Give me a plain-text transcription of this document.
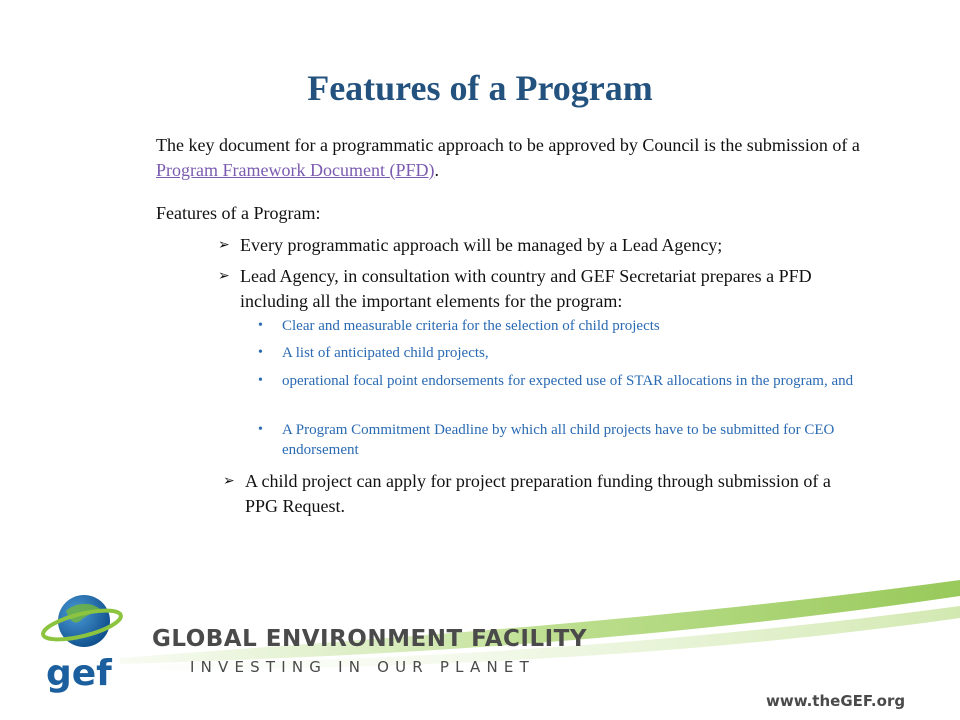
Features of a Program
The key document for a programmatic approach to be approved by Council is the submission of a Program Framework Document (PFD).
Features of a Program:
➢ Every programmatic approach will be managed by a Lead Agency;
➢ Lead Agency, in consultation with country and GEF Secretariat prepares a PFD including all the important elements for the program:
• Clear and measurable criteria for the selection of child projects
• A list of anticipated child projects,
• operational focal point endorsements for expected use of STAR allocations in the program, and
• A Program Commitment Deadline by which all child projects have to be submitted for CEO endorsement
➢ A child project can apply for project preparation funding through submission of a PPG Request.
gef
GLOBAL ENVIRONMENT FACILITY
INVESTING IN OUR PLANET
www.theGEF.org
